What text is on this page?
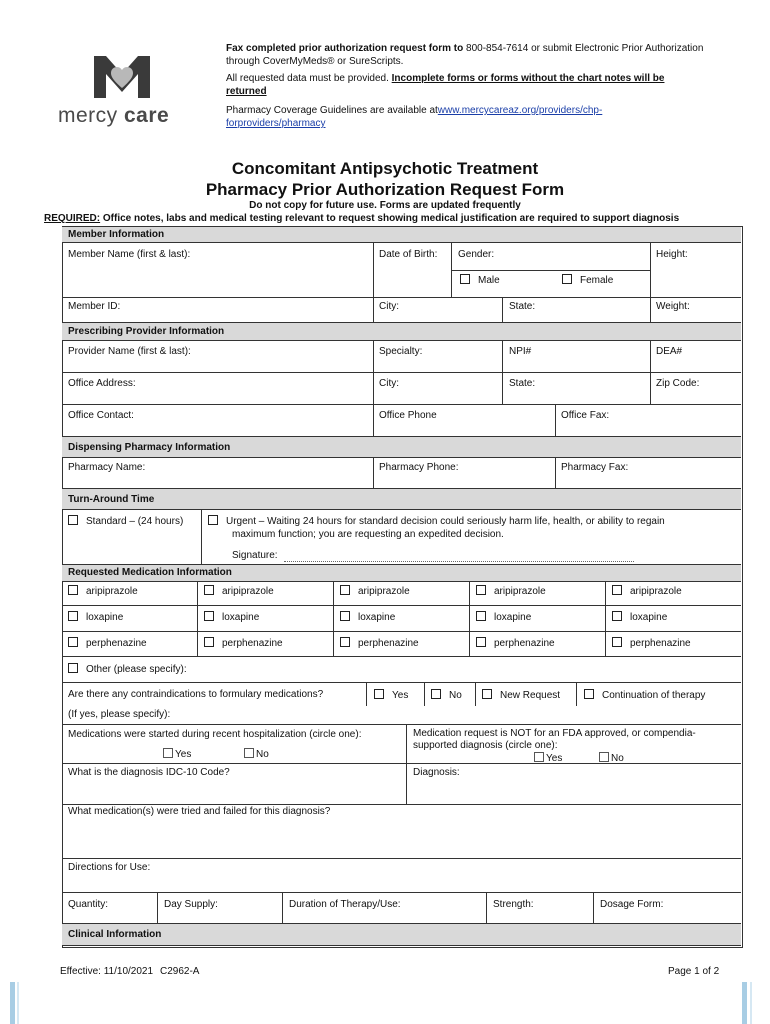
mercy care
Fax completed prior authorization request form to 800-854-7614 or submit Electronic Prior Authorization through CoverMyMeds® or SureScripts.
All requested data must be provided. Incomplete forms or forms without the chart notes will be returned
Pharmacy Coverage Guidelines are available atwww.mercycareaz.org/providers/chp-forproviders/pharmacy
Concomitant Antipsychotic Treatment
Pharmacy Prior Authorization Request Form
Do not copy for future use. Forms are updated frequently
REQUIRED: Office notes, labs and medical testing relevant to request showing medical justification are required to support diagnosis
Member Information
Member Name (first & last):	Date of Birth: Gender:	Height:
Male	Female
Member ID:	City:	State:	Weight:
Prescribing Provider Information
Provider Name (first & last):	Specialty:	NPI#	DEA#
Office Address:	City:	State:	Zip Code:
Office Contact:	Office Phone	Office Fax:
Dispensing Pharmacy Information
Pharmacy Name:	Pharmacy Phone:	Pharmacy Fax:
Turn-Around Time
Standard – (24 hours)	Urgent – Waiting 24 hours for standard decision could seriously harm life, health, or ability to regain
maximum function; you are requesting an expedited decision.
Signature:
Requested Medication Information
aripiprazole	aripiprazole	aripiprazole	aripiprazole	aripiprazole
loxapine	loxapine	loxapine	loxapine	loxapine
perphenazine	perphenazine	perphenazine	perphenazine	perphenazine
Other (please specify):
Are there any contraindications to formulary medications?	Yes	No	New Request	Continuation of therapy
(If yes, please specify):
Medications were started during recent hospitalization (circle one):
Yes	No
Medication request is NOT for an FDA approved, or compendia-
supported diagnosis (circle one):
Yes	No
What is the diagnosis IDC-10 Code?	Diagnosis:
What medication(s) were tried and failed for this diagnosis?
Directions for Use:
Quantity:	Day Supply:	Duration of Therapy/Use:	Strength:	Dosage Form:
Clinical Information
Effective: 11/10/2021 C2962-A	Page 1 of 2
